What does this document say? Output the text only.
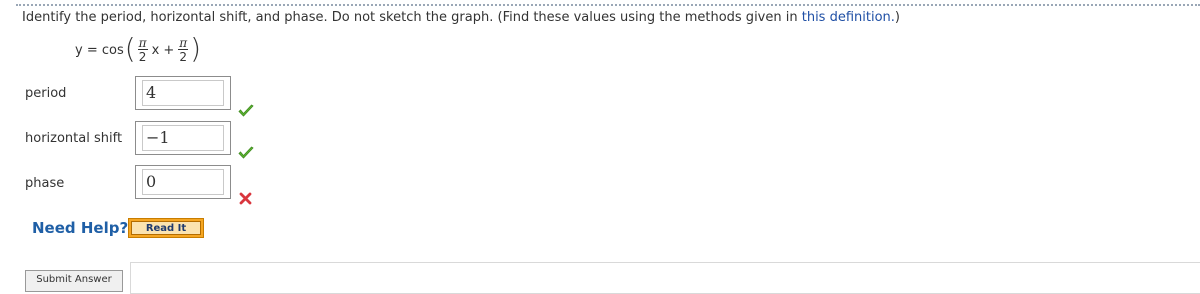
Identify the period, horizontal shift, and phase. Do not sketch the graph. (Find these values using the methods given in this definition.)
y = cos ( $\frac{\pi}{2}$ $x + \frac{\pi}{2}$ )
period	4
horizontal shift −1
phase	0
Need Help?	Read It
Submit Answer
